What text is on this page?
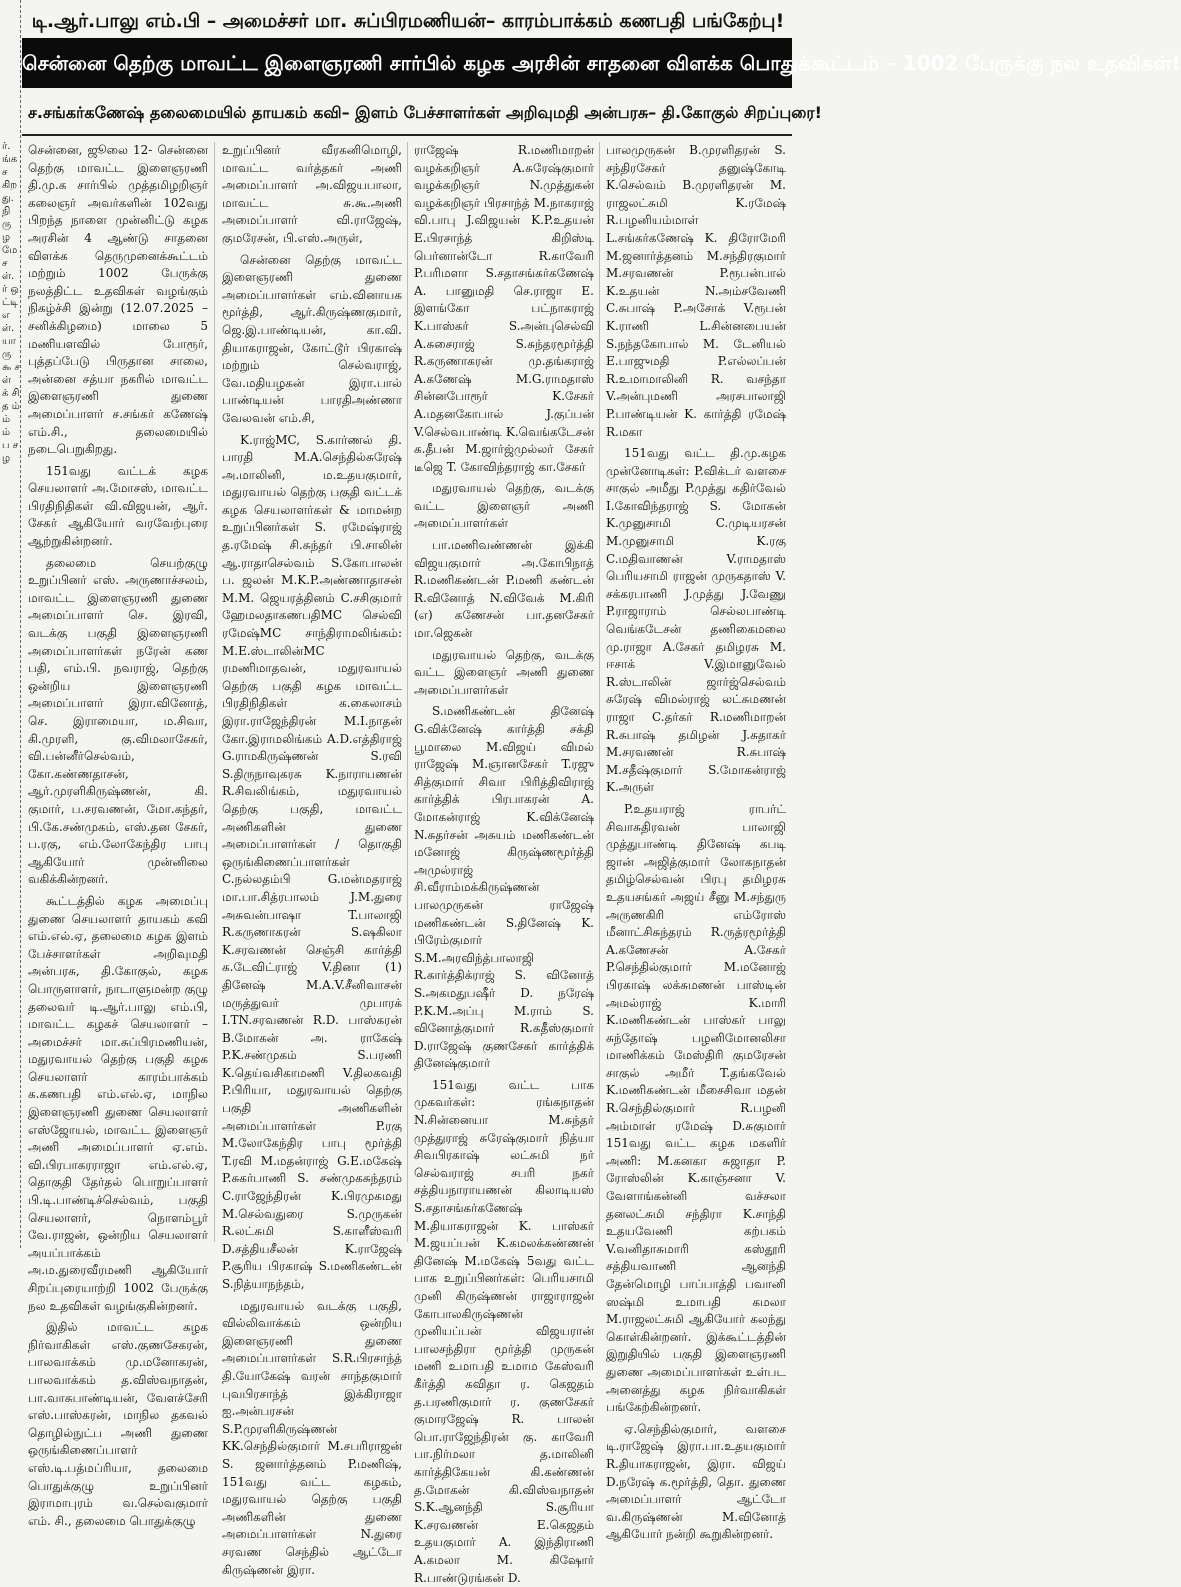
ர். ங்க ச கிறது. நி ரு ழ மே ச ள். ர் ஒ ட்டி எ ள். யா ரு ௯ ச ள் க் சி த ம் ம் ம் ப ச ழ

டி.ஆர்.பாலு எம்.பி – அமைச்சர் மா. சுப்பிரமணியன்– காரம்பாக்கம் கணபதி பங்கேற்பு!
சென்னை தெற்கு மாவட்ட இளைஞரணி சார்பில் கழக அரசின் சாதனை விளக்க பொதுக்கூட்டம் – 1002 பேருக்கு நல உதவிகள்!
ச.சங்கர்கணேஷ் தலைமையில் தாயகம் கவி– இளம் பேச்சாளர்கள் அறிவுமதி அன்பரசு– தி.கோகுல் சிறப்புரை!

சென்னை, ஜூலை 12- சென்னை தெற்கு மாவட்ட இளைஞரணி தி.மு.க சார்பில் முத்தமிழறிஞர் கலைஞர் அவர்களின் 102வது பிறந்த நாளை முன்னிட்டு கழக அரசின் 4 ஆண்டு சாதனை விளக்க தெருமுனைக்கூட்டம் மற்றும் 1002 பேருக்கு நலத்திட்ட உதவிகள் வழங்கும் நிகழ்ச்சி இன்று (12.07.2025 – சனிக்கிழமை) மாலை 5 மணியளவில் போரூர், புத்தப்பேடு பிருதான சாலை, அன்னை சத்யா நகரில் மாவட்ட இளைஞரணி துணை அமைப்பாளர் ச.சங்கர் கணேஷ் எம்.சி., தலைமையில் நடைபெறுகிறது.

151வது வட்டக் கழக செயலாளர் அ.மோசஸ், மாவட்ட பிரதிநிதிகள் வி.விஜயன், ஆர். சேகர் ஆகியோர் வரவேற்புரை ஆற்றுகின்றனர்.

தலைமை செயற்குழு உறுப்பினர் எஸ். அருணாச்சலம், மாவட்ட இளைஞரணி துணை அமைப்பாளர் செ. இரவி, வடக்கு பகுதி இளைஞரணி அமைப்பாளர்கள் நரேன் கண பதி, எம்.பி. நவராஜ், தெற்கு ஒன்றிய இளைஞரணி அமைப்பாளர் இரா.வினோத், செ. இராமையா, ம.சிவா, கி.முரளி, கு.விமலாசேகர், வி.பன்னீர்செல்வம், கோ.கண்ணதாசன், ஆர்.முரளிகிருஷ்ணன், கி. குமார், ப.சரவணன், மோ.கந்தர், பி.கே.சண்முகம், எஸ்.தன சேகர், ப.ரகு, எம்.லோகேந்திர பாபு ஆகியோர் முன்னிலை வகிக்கின்றனர்.

கூட்டத்தில் கழக அமைப்பு துணை செயலாளர் தாயகம் கவி எம்.எல்.ஏ, தலைமை கழக இளம் பேச்சாளர்கள் அறிவுமதி அன்பரசு, தி.கோகுல், கழக பொருளாளர், நாடாளுமன்ற குழு தலைவர் டி.ஆர்.பாலு எம்.பி, மாவட்ட கழகச் செயலாளர் – அமைச்சர் மா.சுப்பிரமணியன், மதுரவாயல் தெற்கு பகுதி கழக செயலாளர் காரம்பாக்கம் க.கணபதி எம்.எல்.ஏ, மாநில இளைஞரணி துணை செயலாளர் எஸ்ஜோயல், மாவட்ட இளைஞர் அணி அமைப்பாளர் ஏ.எம். வி.பிரபாகரராஜா எம்.எல்.ஏ, தொகுதி தேர்தல் பொறுப்பாளர் பி.டி.பாண்டிச்செல்வம், பகுதி செயலாளர், நொளம்பூர் வே.ராஜன், ஒன்றிய செயலாளர் அயப்பாக்கம் அ.ம.துரைவீரமணி ஆகியோர் சிறப்புரையாற்றி 1002 பேருக்கு நல உதவிகள் வழங்குகின்றனர்.

இதில் மாவட்ட கழக நிர்வாகிகள் எஸ்.குணசேகரன், பாலவாக்கம் மு.மனோகரன், பாலவாக்கம் த.விஸ்வநாதன், பா.வாசுபாண்டியன், வேளச்சேரி எஸ்.பாஸ்கரன், மாநில தகவல் தொழில்நுட்ப அணி துணை ஒருங்கிணைப்பாளர் எஸ்.டி.பத்மப்ரியா, தலைமை பொதுக்குழு உறுப்பினர் இராமாபுரம் வ.செல்வகுமார் எம். சி., தலைமை பொதுக்குழு

உறுப்பினர் வீரகனிமொழி, மாவட்ட வர்த்தகர் அணி அமைப்பாளர் அ.விஜயபாலா, மாவட்ட சு.கூ.அணி அமைப்பாளர் வி.ராஜேஷ், குமரேசன், பி.எஸ்.அருள்,

சென்னை தெற்கு மாவட்ட இளைஞரணி துணை அமைப்பாளர்கள் எம்.வினாயக மூர்த்தி, ஆர்.கிருஷ்ணகுமார், ஜெ.இ.பாண்டியன், கா.வி. தியாகராஜன், கோட்டூர் பிரகாஷ் மற்றும் செல்வராஜ், வே.மதியழகன் இரா.பால் பாண்டியன் பாரதிஅண்ணா வேலவன் எம்.சி,

K.ராஜ்MC, S.கார்ணல் தி. பாரதி M.A.செந்தில்சுரேஷ் அ.மாலினி, ம.உதயகுமார், மதுரவாயல் தெற்கு பகுதி வட்டக் கழக செயலாளர்கள் & மாமன்ற உறுப்பினர்கள் S. ரமேஷ்ராஜ் த.ரமேஷ் சி.சுந்தர் பி.சாலின் ஆ.ராதாசெல்வம் S.கோபாலன் ப. ஜலன் M.K.P.அண்ணாதாசன் M.M. ஜெயரத்தினம் C.சசிகுமார் ஹேமலதாகணபதிMC செல்வி ரமேஷ்MC சாந்திராமலிங்கம்: M.E.ஸ்டாலின்MC ரமணிமாதவன், மதுரவாயல் தெற்கு பகுதி கழக மாவட்ட பிரதிநிதிகள் க.கைலாசம் இரா.ராஜேந்திரன் M.I.நாதன் கோ.இராமலிங்கம் A.D.எத்திராஜ் G.ராமகிருஷ்ணன் S.ரவி S.திருநாவுகரசு K.நாராயணன் R.சிவலிங்கம், மதுரவாயல் தெற்கு பகுதி, மாவட்ட அணிகளின் துணை அமைப்பாளர்கள் / தொகுதி ஒருங்கிணைப்பாளர்கள் C.நல்லதம்பி G.மன்மதராஜ் மா.பா.சித்ரபாலம் J.M.துரை அசுவன்பாஷா T.பாலாஜி R.கருணாகரன் S.ஷகிலா K.சரவணன் செஞ்சி கார்த்தி க.டேவிட்ராஜ் V.தினா (1) தினேஷ் M.A.V.சீனிவாசன் மருத்துவர் முபாரக் I.TN.சரவணன் R.D. பாஸ்கரன் B.மோகன் அ. ராகேஷ் P.K.சண்முகம் S.பரணி K.தெய்வசிகாமணி V.திலகவதி P.பிரியா, மதுரவாயல் தெற்கு பகுதி அணிகளின் அமைப்பாளர்கள் P.ரகு M.லோகேந்திர பாபு மூர்த்தி T.ரவி M.மதன்ராஜ் G.E.மகேஷ் P.சுகர்பாணி S. சண்முகசுந்தரம் C.ராஜேந்திரன் K.பிரமுகமது M.செல்வதுரை S.முருகன் R.லட்சுமி S.காளீஸ்வரி D.சத்தியசீலன் K.ராஜேஷ் P.சூரிய பிரகாஷ் S.மணிகண்டன் S.நித்யாநந்தம்,

மதுரவாயல் வடக்கு பகுதி, வில்லிவாக்கம் ஒன்றிய இளைஞரணி துணை அமைப்பாளர்கள் S.R.பிரசாந்த் தி.யோகேஷ் வரன் சாந்தகுமார் புவபிரசாந்த் இக்கிராஜா ஐ.அன்பரசன் S.P.முரளிகிருஷ்ணன் KK.செந்தில்குமார் M.சபரிராஜன் S. ஜனார்த்தனம் P.மணிஷ், 151வது வட்ட கழகம், மதுரவாயல் தெற்கு பகுதி அணிகளின் துணை அமைப்பாளர்கள் N.துரை சரவண செந்தில் ஆட்டோ கிருஷ்ணன் இரா.

ராஜேஷ் R.மணிமாறன் வழக்கறிஞர் A.சுரேஷ்குமார் வழக்கறிஞர் N.முத்துகன் வழக்கறிஞர் பிரசாந்த் M.நாகராஜ் வி.பாபு J.விஜயன் K.P.உதயன் E.பிரசாந்த் கிறிஸ்டி பெர்னான்டோ R.காவேரி P.பரிமளா S.சதாசங்கர்கணேஷ் A. பானுமதி செ.ராஜா E. இளங்கோ பட்நாகராஜ் K.பாஸ்கர் S.அன்புசெல்வி A.சுசைராஜ் S.சுந்தரமூர்த்தி R.கருணாகரன் மு.தங்கராஜ் A.கணேஷ் M.G.ராமதாஸ் சின்னபோரூர் K.சேகர் A.மதனகோபால் J.குப்பன் V.செல்வபாண்டி K.வெங்கடேசன் க.தீபன் M.ஜார்ஜ்முல்லர் சேகர் டீஜெ T. கோவிந்தராஜ் கா.சேகர்

மதுரவாயல் தெற்கு, வடக்கு வட்ட இளைஞர் அணி அமைப்பாளர்கள்

பா.மணிவண்ணன் இக்கி விஜயகுமார் அ.கோபிநாத் R.மணிகண்டன் P.மணி கண்டன் R.வினோத் N.விவேக் M.கிரி (எ) கணேசன் பா.தனசேகர் மா.ஜெகன்

மதுரவாயல் தெற்கு, வடக்கு வட்ட இளைஞர் அணி துணை அமைப்பாளர்கள்

S.மணிகண்டன் தினேஷ் G.விக்னேஷ் கார்த்தி சக்தி பூமாலை M.விஜய் விமல் ராஜேஷ் M.ஞானசேகர் T.ரஜு சித்குமார் சிவா பிரித்திவிராஜ் கார்த்திக் பிரபாகரன் A. மோகன்ராஜ் K.விக்னேஷ் N.சுதர்சன் அசுயம் மணிகண்டன் மனோஜ் கிருஷ்ணமூர்த்தி அமுல்ராஜ் சி.வீராம்மக்கிருஷ்ணன் பாலமுருகன் ராஜேஷ் மணிகண்டன் S.தினேஷ் K. பிரேம்குமார் S.M.அரவிந்த்பாலாஜி R.கார்த்திக்ராஜ் S. வினோத் S.அகமதுபஷீர் D. நரேஷ் P.K.M.அப்பு M.ராம் S. வினோத்குமார் R.கதீஸ்குமார் D.ராஜேஷ் குணசேகர் கார்த்திக் தினேஷ்குமார்

151வது வட்ட பாக முகவர்கள்: ரங்கநாதன் N.சின்னையா M.சுந்தர் முத்துராஜ் சுரேஷ்குமார் நித்யா சிவபிரகாஷ் லட்சுமி நர் செல்வராஜ் சபரி நகர் சத்தியநாராயணன் கிலாடியஸ் S.சதாசங்கர்கணேஷ் M.தியாகராஜன் K. பாஸ்கர் M.ஜயப்பன் K.கமலக்கண்ணன் தினேஷ் M.மகேஷ் 5வது வட்ட பாக உறுப்பினர்கள்: பெரியசாமி முனி கிருஷ்ணன் ராஜாராஜன் கோபாலகிருஷ்ணன் முனியப்பன் விஜயரான் பாலசந்திரா மூர்த்தி முருகன் மணி உமாபதி உமாம கேஸ்வரி கீர்த்தி கவிதா ர. கெஜதம் த.பரணிகுமார் ர. குணசேகர் குமாரஜேஷ் R. பாலன் பொ.ராஜேந்திரன் கு. காவேரி பா.நிர்மலா த.மாலினி கார்த்திகேயன் கி.கண்ணன் த.மோகன் கி.விஸ்வநாதன் S.K.ஆனந்தி S.சூரியா K.சரவணன் E.கெஜதம் உதயகுமார் A. இந்திராணி A.கமலா M. கிஷோர் R.பாண்டுரங்கன் D.

பாலமுருகன் B.முரளிதரன் S. சந்திரசேகர் தனுஷ்கோடி K.செல்வம் B.முரளிதரன் M. ராஜலட்சுமி K.ரமேஷ் R.பழனியம்மாள் L.சங்கர்கணேஷ் K. திரோமேரி M.ஜனார்த்தனம் M.சந்திரகுமார் M.சரவணன் P.ரூபன்பால் K.உதயன் N.அம்சவேணி C.சுபாஷ் P.அசோக் V.ரூபன் K.ராணி L.சின்னபையன் S.நந்தகோபால் M. டேனியல் E.பாஜுமதி P.எல்லப்பன் R.உமாமாலினி R. வசந்தா V.அன்புமணி அரசபாலாஜி P.பாண்டியன் K. கார்த்தி ரமேஷ் R.மகா

151வது வட்ட தி.மு.கழக முன்னோடிகள்: P.விக்டர் வளசை சாகுல் அமீது P.முத்து கதிர்வேல் I.கோவிந்தராஜ் S. மோகன் K.முனுசாமி C.முடியரசன் M.முனுசாமி K.ரகு C.மதிவாணன் V.ராமதாஸ் பெரியசாமி ராஜன் முருகதாஸ் V. சக்கரபாணி J.முத்து J.வேணு P.ராஜாராம் செல்லபாண்டி வெங்கடேசன் தணிகைமலை மு.ராஜா A.சேகர் தமிழரசு M. ஈசாக் V.இமானுவேல் R.ஸ்டாலின் ஜார்ஜ்செல்வம் சுரேஷ் விமல்ராஜ் லட்சுமணன் ராஜா C.தர்கர் R.மணிமாறன் R.சுபாஷ் தமிழன் J.சுதாகர் M.சரவணன் R.சுபாஷ் M.சதீஷ்குமார் S.மோகன்ராஜ் K.அருள்

P.உதயராஜ் ராபர்ட் சிவாசுதிரவன் பாலாஜி முத்துபாண்டி தினேஷ் கபடி ஜான் அஜித்குமார் லோகநாதன் தமிழ்செல்வன் பிரபு தமிழரசு உதயசங்கர் அஜய் சீனு M.சந்துரு அருணகிரி எம்ரோஸ் மீனாட்சிசுந்தரம் R.ருத்ரமூர்த்தி A.கணேசன் A.சேகர் P.செந்தில்குமார் M.மனோஜ் பிரகாஷ் லக்சுமணன் பாஸ்டின் அமல்ராஜ் K.மாரி K.மணிகண்டன் பாஸ்கர் பாலு சுந்தோஷ் பழனிமோனலிசா மாணிக்கம் மேஸ்திரி குமரேசன் சாகுல் அமீர் T.தங்கவேல் K.மணிகண்டன் மீசைசிவா மதன் R.செந்தில்குமார் R.பழனி அம்மாள் ரமேஷ் D.சுகுமார் 151வது வட்ட கழக மகளிர் அணி: M.கனகா சுஜாதா P. ரோஸ்லின் K.காஞ்சனா V. வேளாங்கன்னி வச்சலா தனலட்சுமி சந்திரா K.சாந்தி உதயவேணி கற்பகம் V.வனிதாசுமாரி கஸ்தூரி சத்தியவாணி ஆனந்தி தேன்மொழி பாப்பாத்தி பவானி ஸஷ்மி உமாபதி கமலா M.ராஜலட்சுமி ஆகியோர் கலந்து கொள்கின்றனர். இக்கூட்டத்தின் இறுதியில் பகுதி இளைஞரணி துணை அமைப்பாளர்கள் உள்பட அனைத்து கழக நிர்வாகிகள் பங்கேற்கின்றனர்.

ஏ.செந்தில்குமார், வளசை டி.ராஜேஷ் இரா.பா.உதயகுமார் R.தியாகராஜன், இரா. விஜய் D.நரேஷ் க.மூர்த்தி, தொ. துணை அமைப்பாளர் ஆட்டோ வ.கிருஷ்ணன் M.வினோத் ஆகியோர் நன்றி கூறுகின்றனர்.
